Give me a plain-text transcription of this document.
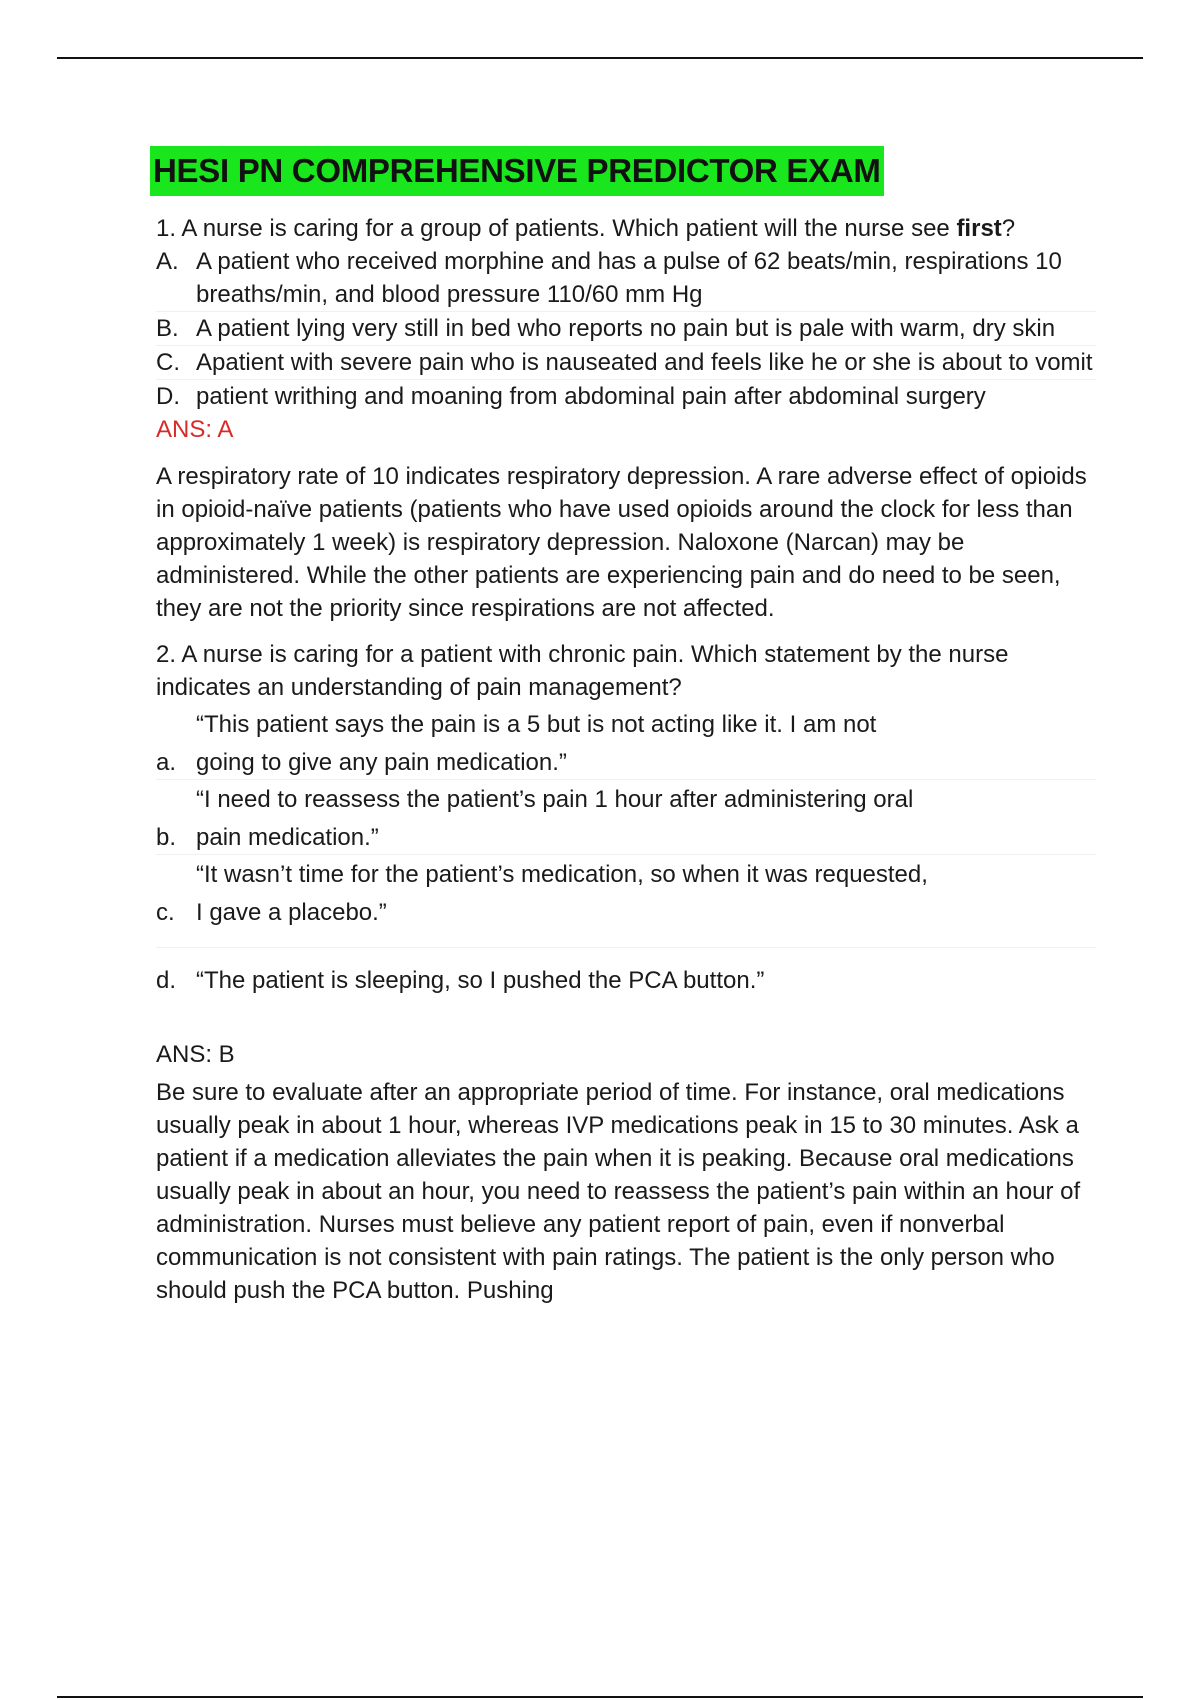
HESI PN COMPREHENSIVE PREDICTOR EXAM

1. A nurse is caring for a group of patients. Which patient will the nurse see first?

A. A patient who received morphine and has a pulse of 62 beats/min, respirations 10 breaths/min, and blood pressure 110/60 mm Hg
B. A patient lying very still in bed who reports no pain but is pale with warm, dry skin
C. Apatient with severe pain who is nauseated and feels like he or she is about to vomit
D. patient writhing and moaning from abdominal pain after abdominal surgery

ANS: A

A respiratory rate of 10 indicates respiratory depression. A rare adverse effect of opioids in opioid-naïve patients (patients who have used opioids around the clock for less than approximately 1 week) is respiratory depression. Naloxone (Narcan) may be administered. While the other patients are experiencing pain and do need to be seen, they are not the priority since respirations are not affected.

2. A nurse is caring for a patient with chronic pain. Which statement by the nurse indicates an understanding of pain management?

“This patient says the pain is a 5 but is not acting like it. I am not
a. going to give any pain medication.”
“I need to reassess the patient’s pain 1 hour after administering oral
b. pain medication.”
“It wasn’t time for the patient’s medication, so when it was requested,
c. I gave a placebo.”
d. “The patient is sleeping, so I pushed the PCA button.”

ANS: B

Be sure to evaluate after an appropriate period of time. For instance, oral medications usually peak in about 1 hour, whereas IVP medications peak in 15 to 30 minutes. Ask a patient if a medication alleviates the pain when it is peaking. Because oral medications usually peak in about an hour, you need to reassess the patient’s pain within an hour of administration. Nurses must believe any patient report of pain, even if nonverbal communication is not consistent with pain ratings. The patient is the only person who should push the PCA button. Pushing
